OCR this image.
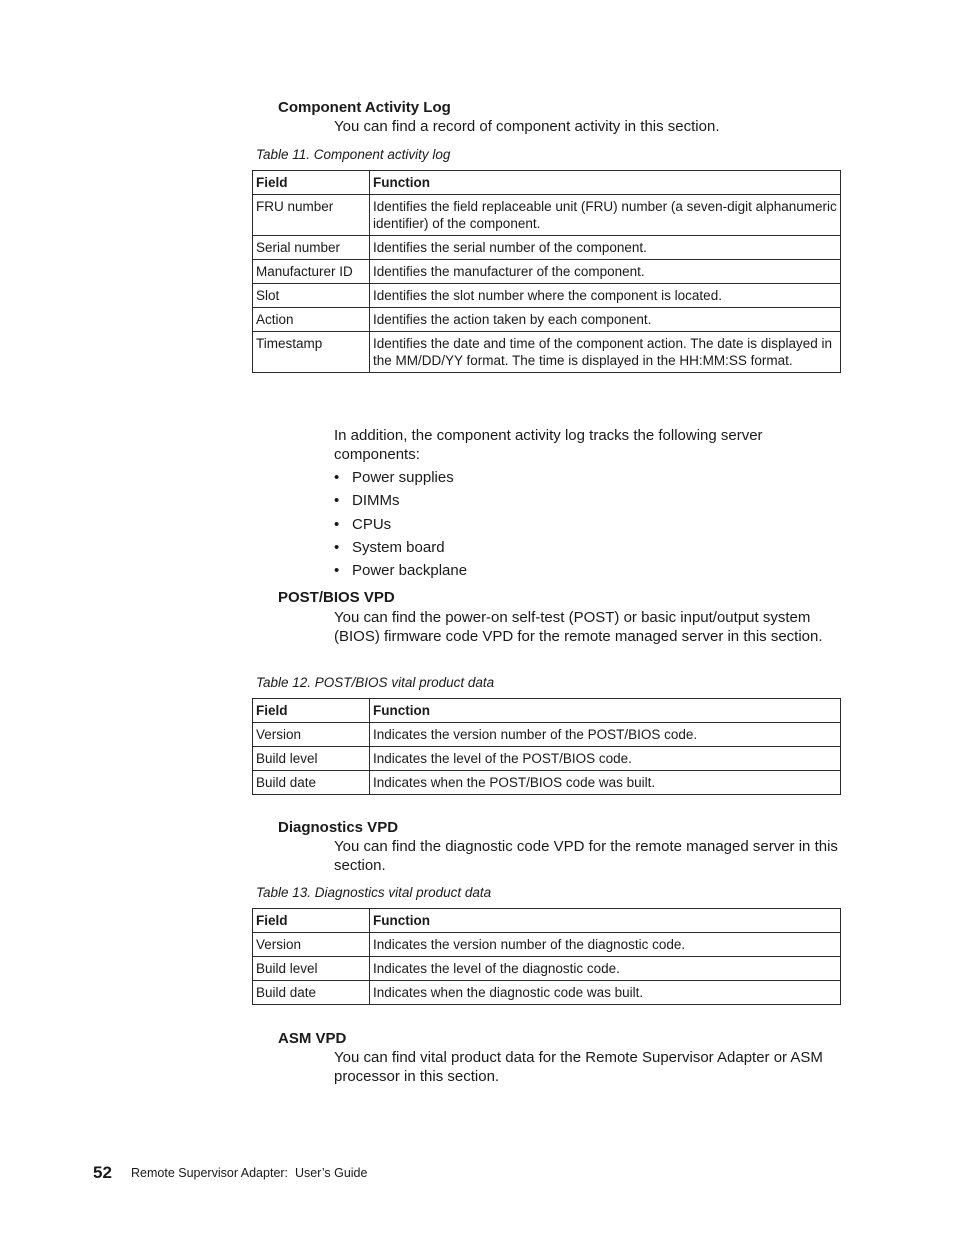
Component Activity Log
You can find a record of component activity in this section.
Table 11. Component activity log
Field	Function
FRU number	Identifies the field replaceable unit (FRU) number (a seven-digit alphanumeric identifier) of the component.
Serial number	Identifies the serial number of the component.
Manufacturer ID	Identifies the manufacturer of the component.
Slot	Identifies the slot number where the component is located.
Action	Identifies the action taken by each component.
Timestamp	Identifies the date and time of the component action. The date is displayed in the MM/DD/YY format. The time is displayed in the HH:MM:SS format.
In addition, the component activity log tracks the following server components:
• Power supplies
• DIMMs
• CPUs
• System board
• Power backplane
POST/BIOS VPD
You can find the power-on self-test (POST) or basic input/output system (BIOS) firmware code VPD for the remote managed server in this section.
Table 12. POST/BIOS vital product data
Field	Function
Version	Indicates the version number of the POST/BIOS code.
Build level	Indicates the level of the POST/BIOS code.
Build date	Indicates when the POST/BIOS code was built.
Diagnostics VPD
You can find the diagnostic code VPD for the remote managed server in this section.
Table 13. Diagnostics vital product data
Field	Function
Version	Indicates the version number of the diagnostic code.
Build level	Indicates the level of the diagnostic code.
Build date	Indicates when the diagnostic code was built.
ASM VPD
You can find vital product data for the Remote Supervisor Adapter or ASM processor in this section.
52 Remote Supervisor Adapter:  User’s Guide
